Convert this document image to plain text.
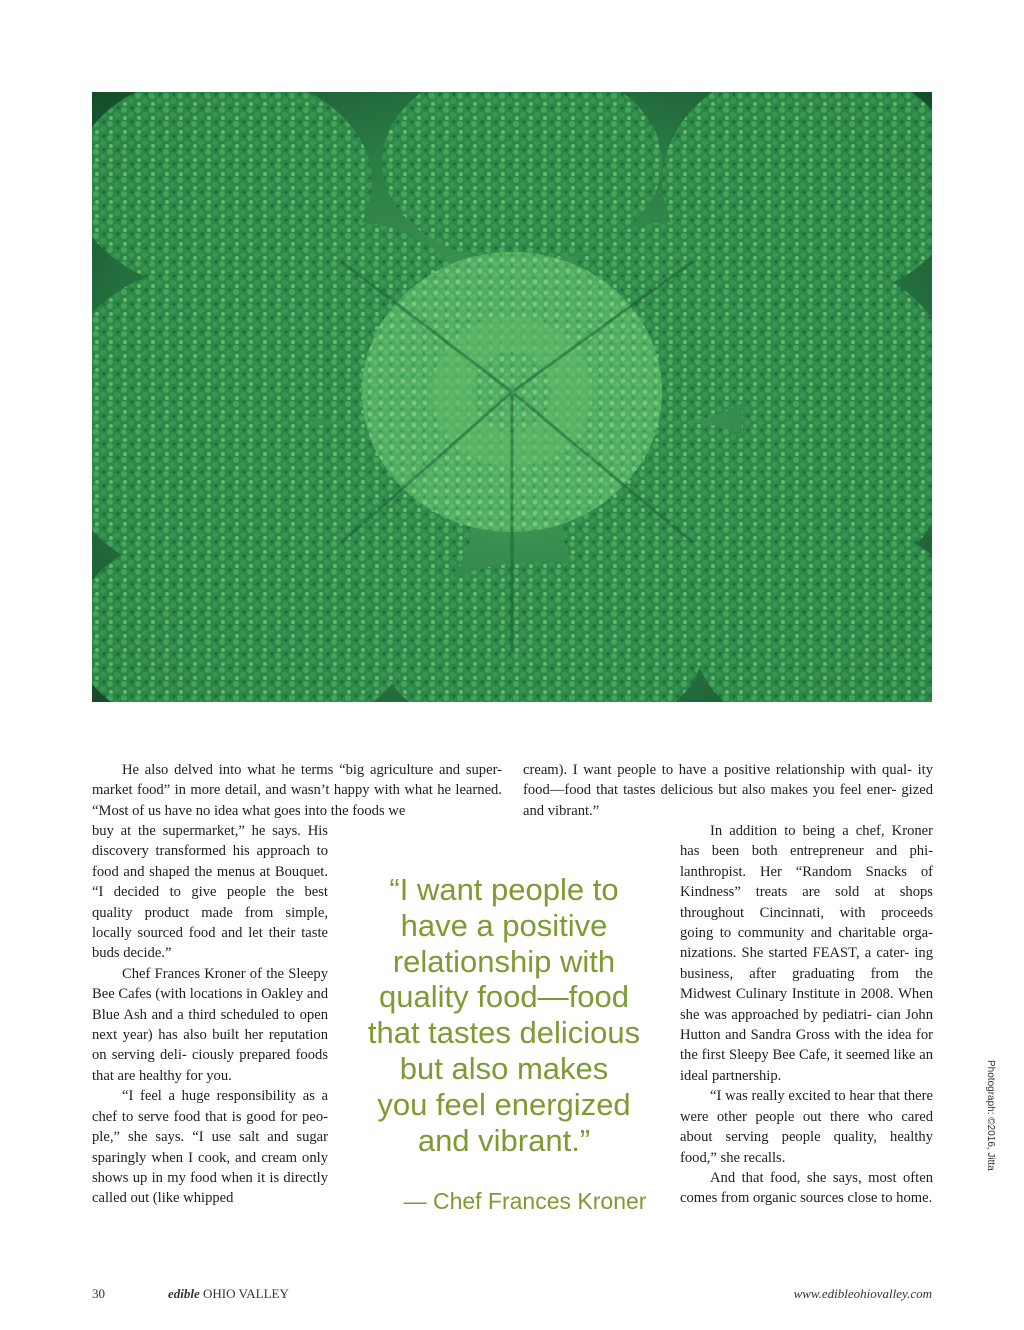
He also delved into what he terms “big agriculture and super- market food” in more detail, and wasn’t happy with what he learned. “Most of us have no idea what goes into the foods we

buy at the supermarket,” he says. His discovery transformed his approach to food and shaped the menus at Bouquet. “I decided to give people the best quality product made from simple, locally sourced food and let their taste buds decide.”

Chef Frances Kroner of the Sleepy Bee Cafes (with locations in Oakley and Blue Ash and a third scheduled to open next year) has also built her reputation on serving deli- ciously prepared foods that are healthy for you.

“I feel a huge responsibility as a chef to serve food that is good for peo- ple,” she says. “I use salt and sugar sparingly when I cook, and cream only shows up in my food when it is directly called out (like whipped

cream). I want people to have a positive relationship with qual- ity food—food that tastes delicious but also makes you feel ener- gized and vibrant.”

In addition to being a chef, Kroner has been both entrepreneur and phi- lanthropist. Her “Random Snacks of Kindness” treats are sold at shops throughout Cincinnati, with proceeds going to community and charitable orga- nizations. She started FEAST, a cater- ing business, after graduating from the Midwest Culinary Institute in 2008. When she was approached by pediatri- cian John Hutton and Sandra Gross with the idea for the first Sleepy Bee Cafe, it seemed like an ideal partnership.

“I was really excited to hear that there were other people out there who cared about serving people quality, healthy food,” she recalls.

And that food, she says, most often comes from organic sources close to home.

“I want people to
have a positive
relationship with
quality food—food
that tastes delicious
but also makes
you feel energized
and vibrant.”
— Chef Frances Kroner
Photograph: ©2016, Jitta
30	edible OHIO VALLEY	www.edibleohiovalley.com
